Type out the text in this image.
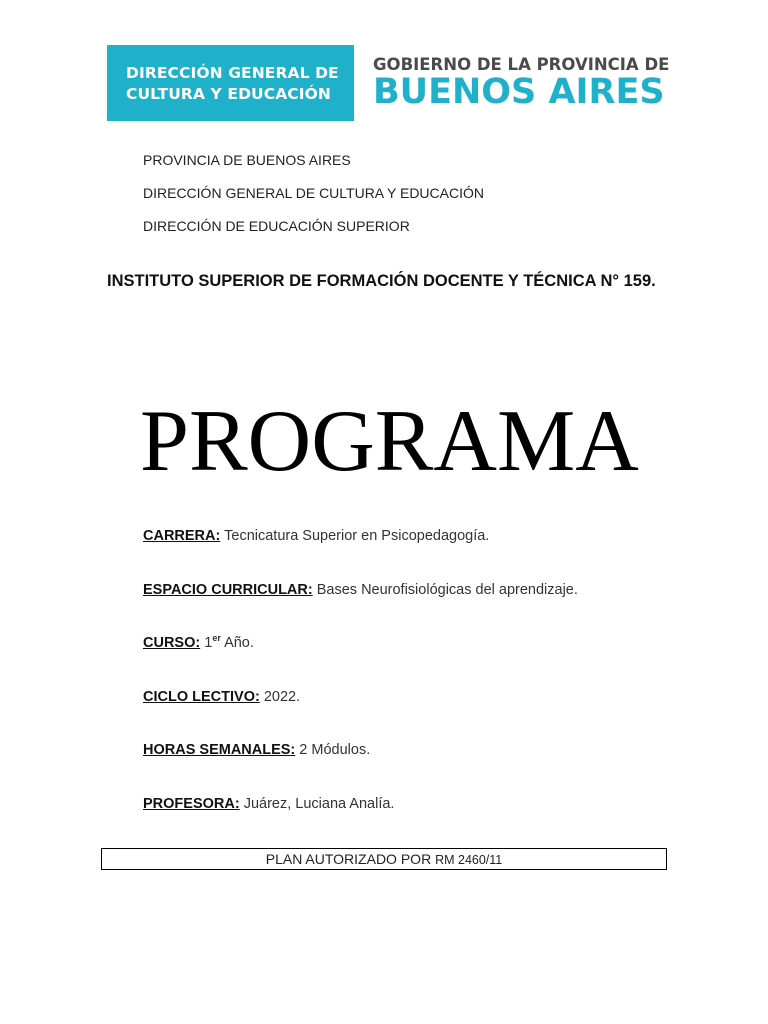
DIRECCIÓN GENERAL DE
CULTURA Y EDUCACIÓN
GOBIERNO DE LA PROVINCIA DE
BUENOS AIRES
PROVINCIA DE BUENOS AIRES
DIRECCIÓN GENERAL DE CULTURA Y EDUCACIÓN
DIRECCIÓN DE EDUCACIÓN SUPERIOR
INSTITUTO SUPERIOR DE FORMACIÓN DOCENTE Y TÉCNICA N° 159.
PROGRAMA
CARRERA: Tecnicatura Superior en Psicopedagogía.
ESPACIO CURRICULAR: Bases Neurofisiológicas del aprendizaje.
CURSO: 1er Año.
CICLO LECTIVO: 2022.
HORAS SEMANALES: 2 Módulos.
PROFESORA: Juárez, Luciana Analía.
PLAN AUTORIZADO POR RM 2460/11
